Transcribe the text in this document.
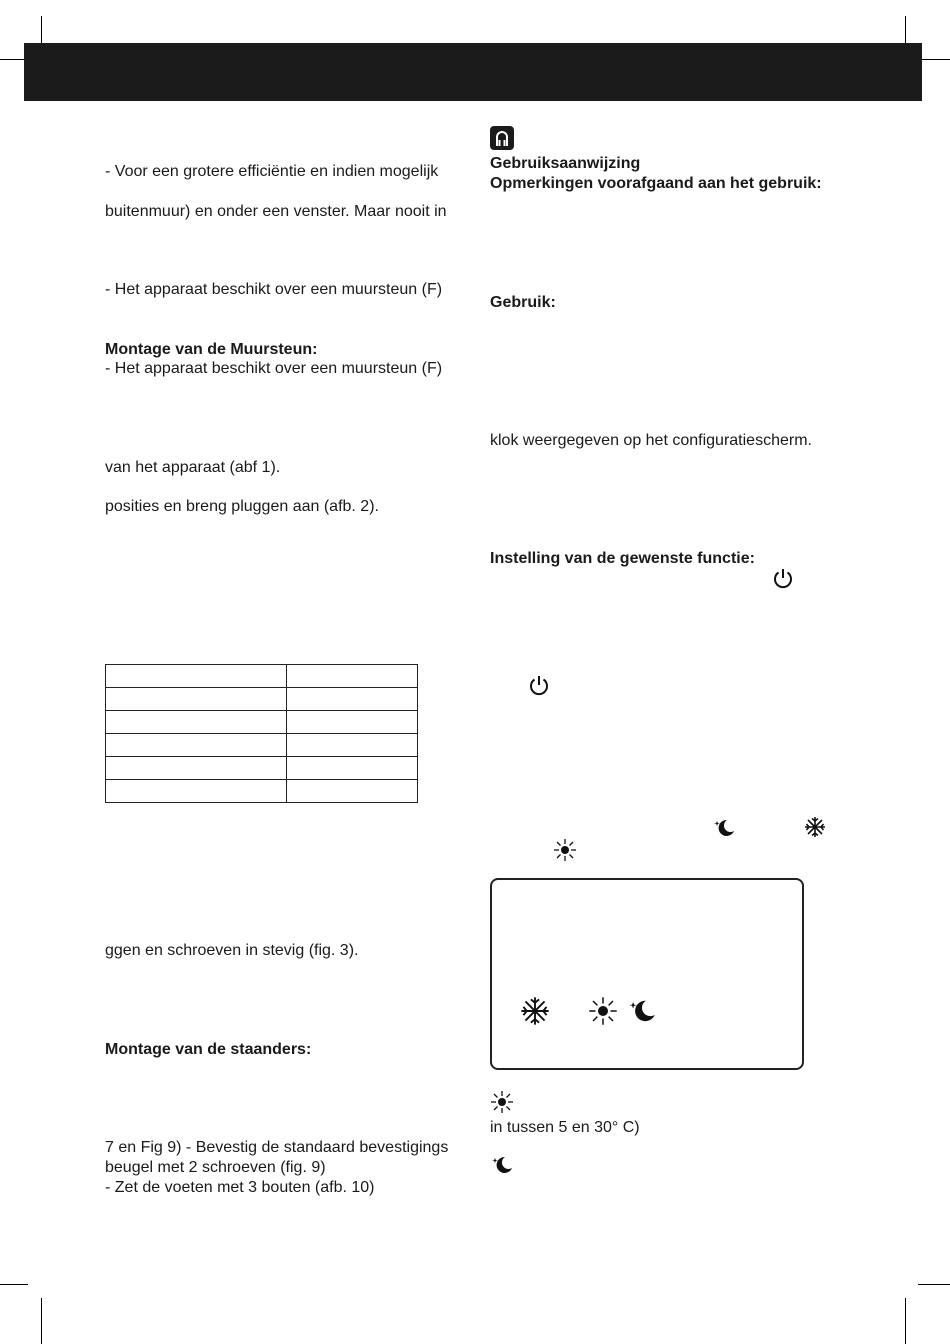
- Voor een grotere efficiëntie en indien mogelijk
buitenmuur) en onder een venster. Maar nooit in
- Het apparaat beschikt over een muursteun (F)
Montage van de Muursteun:
- Het apparaat beschikt over een muursteun (F)
van het apparaat (abf 1).
posities en breng pluggen aan (afb. 2).

ggen en schroeven in stevig (fig. 3).
Montage van de staanders:
7 en Fig 9) - Bevestig de standaard bevestigings
beugel met 2 schroeven (fig. 9)
- Zet de voeten met 3 bouten (afb. 10)
Gebruiksaanwijzing
Opmerkingen voorafgaand aan het gebruik:
Gebruik:
klok weergegeven op het configuratiescherm.
Instelling van de gewenste functie:
in tussen 5 en 30° C)
